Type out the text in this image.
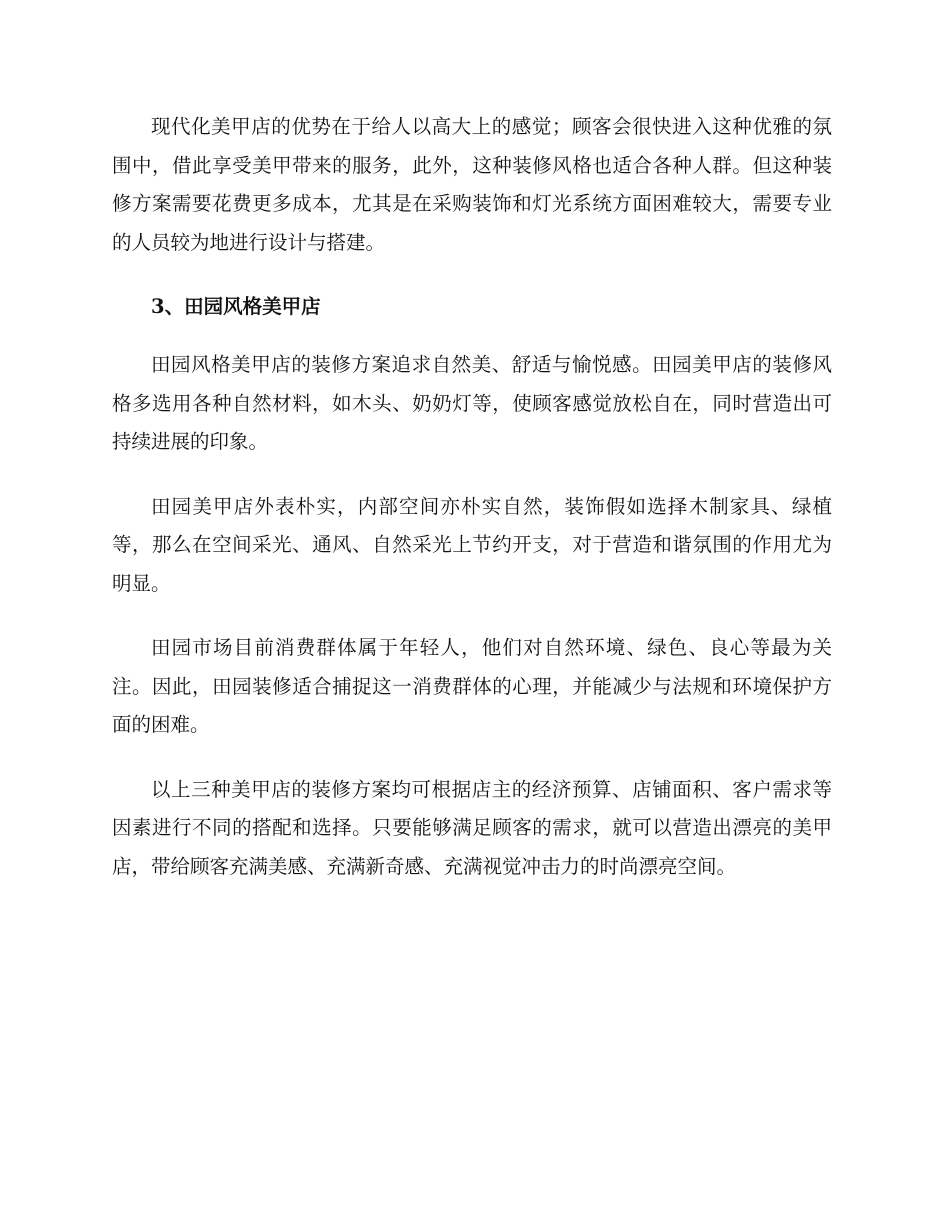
现代化美甲店的优势在于给人以高大上的感觉；顾客会很快进入这种优雅的氛围中，借此享受美甲带来的服务，此外，这种装修风格也适合各种人群。但这种装修方案需要花费更多成本，尤其是在采购装饰和灯光系统方面困难较大，需要专业的人员较为地进行设计与搭建。

3、田园风格美甲店

田园风格美甲店的装修方案追求自然美、舒适与愉悦感。田园美甲店的装修风格多选用各种自然材料，如木头、奶奶灯等，使顾客感觉放松自在，同时营造出可持续进展的印象。

田园美甲店外表朴实，内部空间亦朴实自然，装饰假如选择木制家具、绿植等，那么在空间采光、通风、自然采光上节约开支，对于营造和谐氛围的作用尤为明显。

田园市场目前消费群体属于年轻人，他们对自然环境、绿色、良心等最为关注。因此，田园装修适合捕捉这一消费群体的心理，并能减少与法规和环境保护方面的困难。

以上三种美甲店的装修方案均可根据店主的经济预算、店铺面积、客户需求等因素进行不同的搭配和选择。只要能够满足顾客的需求，就可以营造出漂亮的美甲店，带给顾客充满美感、充满新奇感、充满视觉冲击力的时尚漂亮空间。
